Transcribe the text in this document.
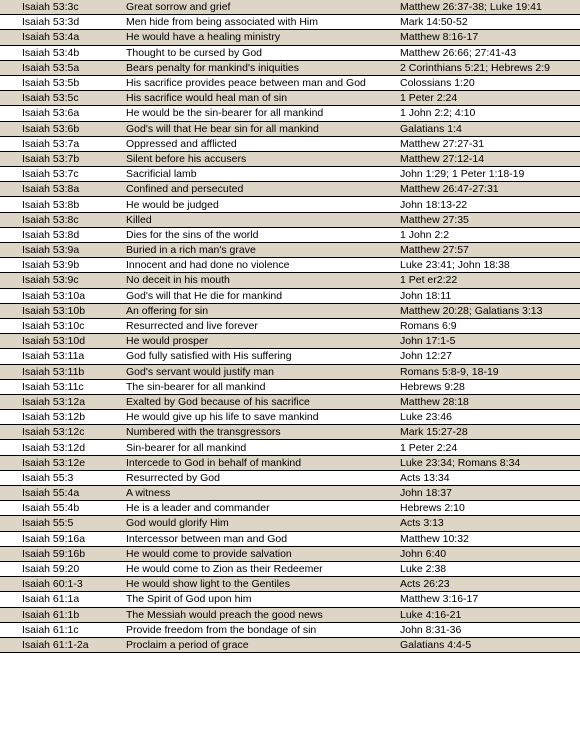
Isaiah 53:3c	Great sorrow and grief	Matthew 26:37-38; Luke 19:41
Isaiah 53:3d	Men hide from being associated with Him	Mark 14:50-52
Isaiah 53:4a	He would have a healing ministry	Matthew 8:16-17
Isaiah 53:4b	Thought to be cursed by God	Matthew 26:66; 27:41-43
Isaiah 53:5a	Bears penalty for mankind's iniquities	2 Corinthians 5:21; Hebrews 2:9
Isaiah 53:5b	His sacrifice provides peace between man and God	Colossians 1:20
Isaiah 53:5c	His sacrifice would heal man of sin	1 Peter 2:24
Isaiah 53:6a	He would be the sin-bearer for all mankind	1 John 2:2; 4:10
Isaiah 53:6b	God's will that He bear sin for all mankind	Galatians 1:4
Isaiah 53:7a	Oppressed and afflicted	Matthew 27:27-31
Isaiah 53:7b	Silent before his accusers	Matthew 27:12-14
Isaiah 53:7c	Sacrificial lamb	John 1:29; 1 Peter 1:18-19
Isaiah 53:8a	Confined and persecuted	Matthew 26:47-27:31
Isaiah 53:8b	He would be judged	John 18:13-22
Isaiah 53:8c	Killed	Matthew 27:35
Isaiah 53:8d	Dies for the sins of the world	1 John 2:2
Isaiah 53:9a	Buried in a rich man's grave	Matthew 27:57
Isaiah 53:9b	Innocent and had done no violence	Luke 23:41; John 18:38
Isaiah 53:9c	No deceit in his mouth	1 Pet er2:22
Isaiah 53:10a	God's will that He die for mankind	John 18:11
Isaiah 53:10b	An offering for sin	Matthew 20:28; Galatians 3:13
Isaiah 53:10c	Resurrected and live forever	Romans 6:9
Isaiah 53:10d	He would prosper	John 17:1-5
Isaiah 53:11a	God fully satisfied with His suffering	John 12:27
Isaiah 53:11b	God's servant would justify man	Romans 5:8-9, 18-19
Isaiah 53:11c	The sin-bearer for all mankind	Hebrews 9:28
Isaiah 53:12a	Exalted by God because of his sacrifice	Matthew 28:18
Isaiah 53:12b	He would give up his life to save mankind	Luke 23:46
Isaiah 53:12c	Numbered with the transgressors	Mark 15:27-28
Isaiah 53:12d	Sin-bearer for all mankind	1 Peter 2:24
Isaiah 53:12e	Intercede to God in behalf of mankind	Luke 23:34; Romans 8:34
Isaiah 55:3	Resurrected by God	Acts 13:34
Isaiah 55:4a	A witness	John 18:37
Isaiah 55:4b	He is a leader and commander	Hebrews 2:10
Isaiah 55:5	God would glorify Him	Acts 3:13
Isaiah 59:16a	Intercessor between man and God	Matthew 10:32
Isaiah 59:16b	He would come to provide salvation	John 6:40
Isaiah 59:20	He would come to Zion as their Redeemer	Luke 2:38
Isaiah 60:1-3	He would show light to the Gentiles	Acts 26:23
Isaiah 61:1a	The Spirit of God upon him	Matthew 3:16-17
Isaiah 61:1b	The Messiah would preach the good news	Luke 4:16-21
Isaiah 61:1c	Provide freedom from the bondage of sin	John 8:31-36
Isaiah 61:1-2a	Proclaim a period of grace	Galatians 4:4-5
